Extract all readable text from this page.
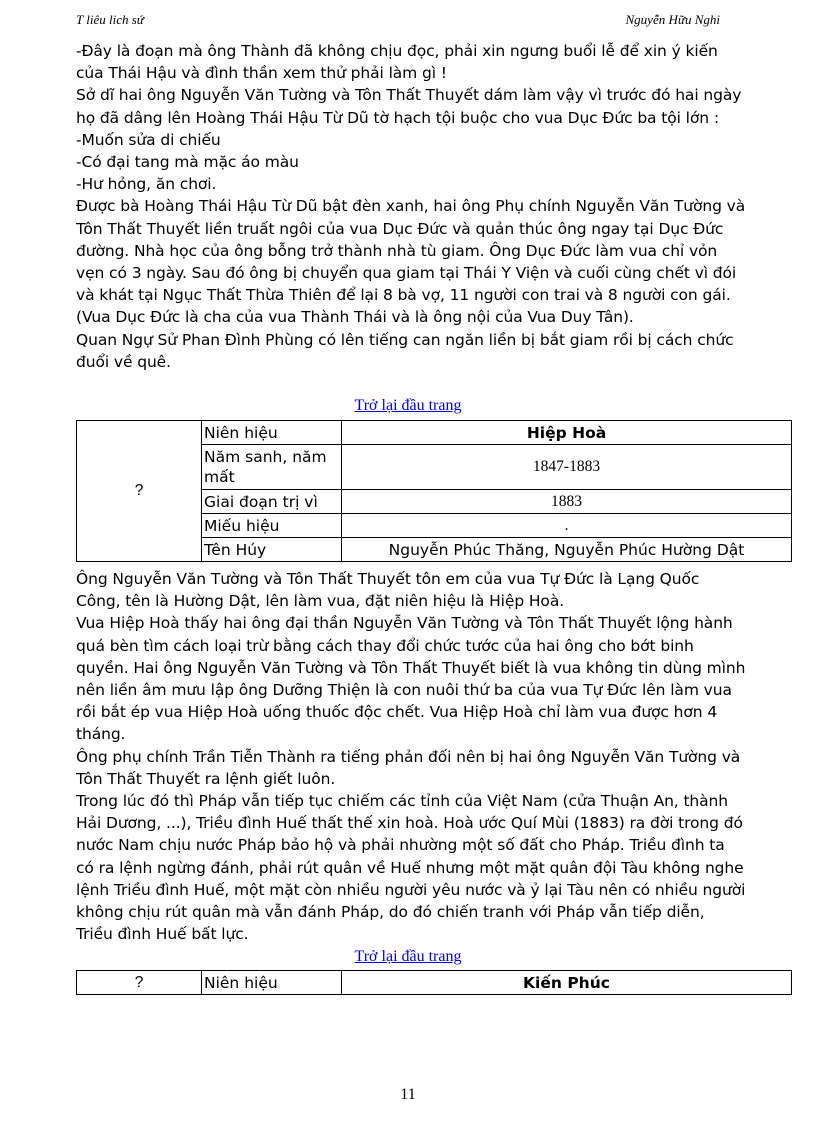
T liêu lich sứ	Nguyễn Hữu Nghi

-Đây là đoạn mà ông Thành đã không chịu đọc, phải xin ngưng buổi lễ để xin ý kiến của Thái Hậu và đình thần xem thử phải làm gì !

Sở dĩ hai ông Nguyễn Văn Tường và Tôn Thất Thuyết dám làm vậy vì trước đó hai ngày họ đã dâng lên Hoàng Thái Hậu Từ Dũ tờ hạch tội buộc cho vua Dục Đức ba tội lớn :

-Muốn sửa di chiếu

-Có đại tang mà mặc áo màu

-Hư hỏng, ăn chơi.

Được bà Hoàng Thái Hậu Từ Dũ bật đèn xanh, hai ông Phụ chính Nguyễn Văn Tường và Tôn Thất Thuyết liền truất ngôi của vua Dục Đức và quản thúc ông ngay tại Dục Đức đường. Nhà học của ông bỗng trở thành nhà tù giam. Ông Dục Đức làm vua chỉ vỏn vẹn có 3 ngày. Sau đó ông bị chuyển qua giam tại Thái Y Viện và cuối cùng chết vì đói và khát tại Ngục Thất Thừa Thiên để lại 8 bà vợ, 11 người con trai và 8 người con gái. (Vua Dục Đức là cha của vua Thành Thái và là ông nội của Vua Duy Tân).

Quan Ngự Sử Phan Đình Phùng có lên tiếng can ngăn liền bị bắt giam rồi bị cách chức đuổi về quê.

Trở lại đầu trang
?	Niên hiệu	Hiệp Hoà
	Năm sanh, năm mất	1847-1883
	Giai đoạn trị vì	1883
	Miếu hiệu	.
	Tên Húy	Nguyễn Phúc Thăng, Nguyễn Phúc Hường Dật

Ông Nguyễn Văn Tường và Tôn Thất Thuyết tôn em của vua Tự Đức là Lạng Quốc Công, tên là Hường Dật, lên làm vua, đặt niên hiệu là Hiệp Hoà.

Vua Hiệp Hoà thấy hai ông đại thần Nguyễn Văn Tường và Tôn Thất Thuyết lộng hành quá bèn tìm cách loại trừ bằng cách thay đổi chức tước của hai ông cho bớt binh quyền. Hai ông Nguyễn Văn Tường và Tôn Thất Thuyết biết là vua không tin dùng mình nên liền âm mưu lập ông Dưỡng Thiện là con nuôi thứ ba của vua Tự Đức lên làm vua rồi bắt ép vua Hiệp Hoà uống thuốc độc chết. Vua Hiệp Hoà chỉ làm vua được hơn 4 tháng.

Ông phụ chính Trần Tiễn Thành ra tiếng phản đối nên bị hai ông Nguyễn Văn Tường và Tôn Thất Thuyết ra lệnh giết luôn.

Trong lúc đó thì Pháp vẫn tiếp tục chiếm các tỉnh của Việt Nam (cửa Thuận An, thành Hải Dương, ...), Triều đình Huế thất thế xin hoà. Hoà ước Quí Mùi (1883) ra đời trong đó nước Nam chịu nước Pháp bảo hộ và phải nhường một số đất cho Pháp. Triều đình ta có ra lệnh ngừng đánh, phải rút quân về Huế nhưng một mặt quân đội Tàu không nghe lệnh Triều đình Huế, một mặt còn nhiều người yêu nước và ỷ lại Tàu nên có nhiều người không chịu rút quân mà vẫn đánh Pháp, do đó chiến tranh với Pháp vẫn tiếp diễn, Triều đình Huế bất lực.

Trở lại đầu trang
?	Niên hiệu	Kiến Phúc
11
